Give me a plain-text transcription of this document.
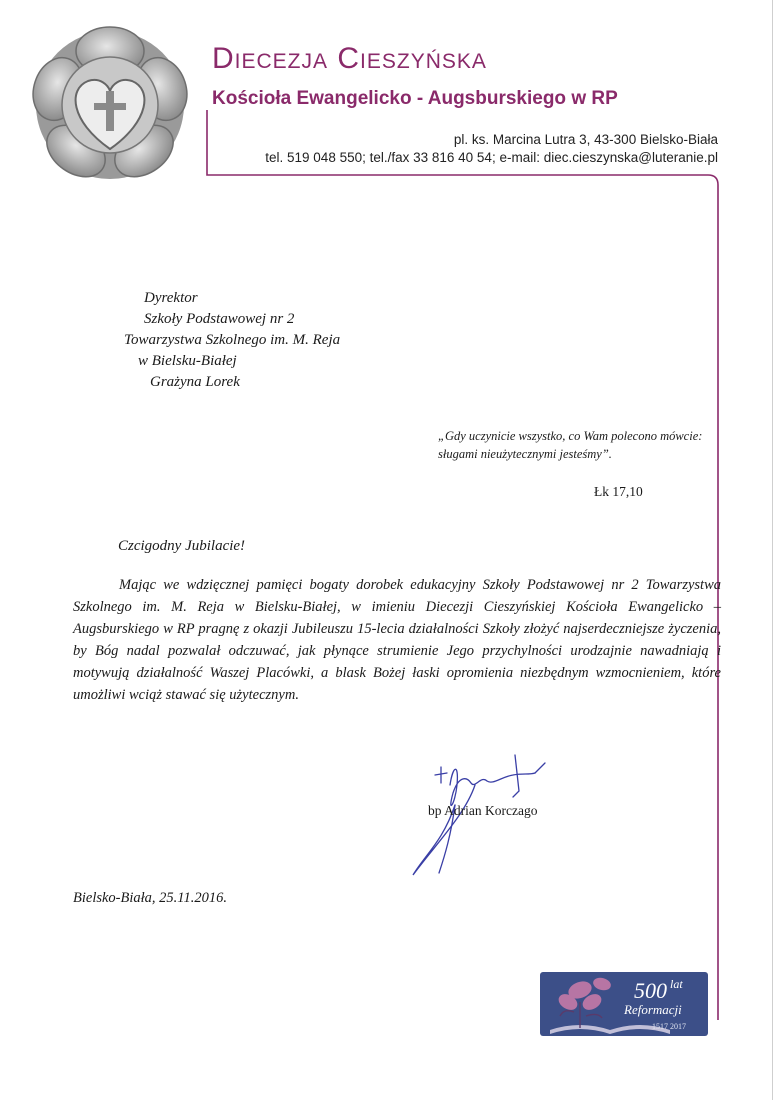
Diecezja Cieszyńska
Kościoła Ewangelicko - Augsburskiego w RP
pl. ks. Marcina Lutra 3, 43-300 Bielsko-Biała
tel. 519 048 550; tel./fax 33 816 40 54; e-mail: diec.cieszynska@luteranie.pl
Dyrektor
Szkoły Podstawowej nr 2
Towarzystwa Szkolnego im. M. Reja
w Bielsku-Białej
Grażyna Lorek
„Gdy uczynicie wszystko, co Wam polecono mówcie:
sługami nieużytecznymi jesteśmy”.
Łk 17,10
Czcigodny Jubilacie!
Mając we wdzięcznej pamięci bogaty dorobek edukacyjny Szkoły Podstawowej nr 2 Towarzystwa Szkolnego im. M. Reja w Bielsku-Białej, w imieniu Diecezji Cieszyńskiej Kościoła Ewangelicko – Augsburskiego w RP pragnę z okazji Jubileuszu 15-lecia działalności Szkoły złożyć najserdeczniejsze życzenia, by Bóg nadal pozwalał odczuwać, jak płynące strumienie Jego przychylności urodzajnie nawadniają i motywują działalność Waszej Placówki, a blask Bożej łaski opromienia niezbędnym wzmocnieniem, które umożliwi wciąż stawać się użytecznym.
bp Adrian Korczago
Bielsko-Biała, 25.11.2016.
500 lat
Reformacji
1517 2017
